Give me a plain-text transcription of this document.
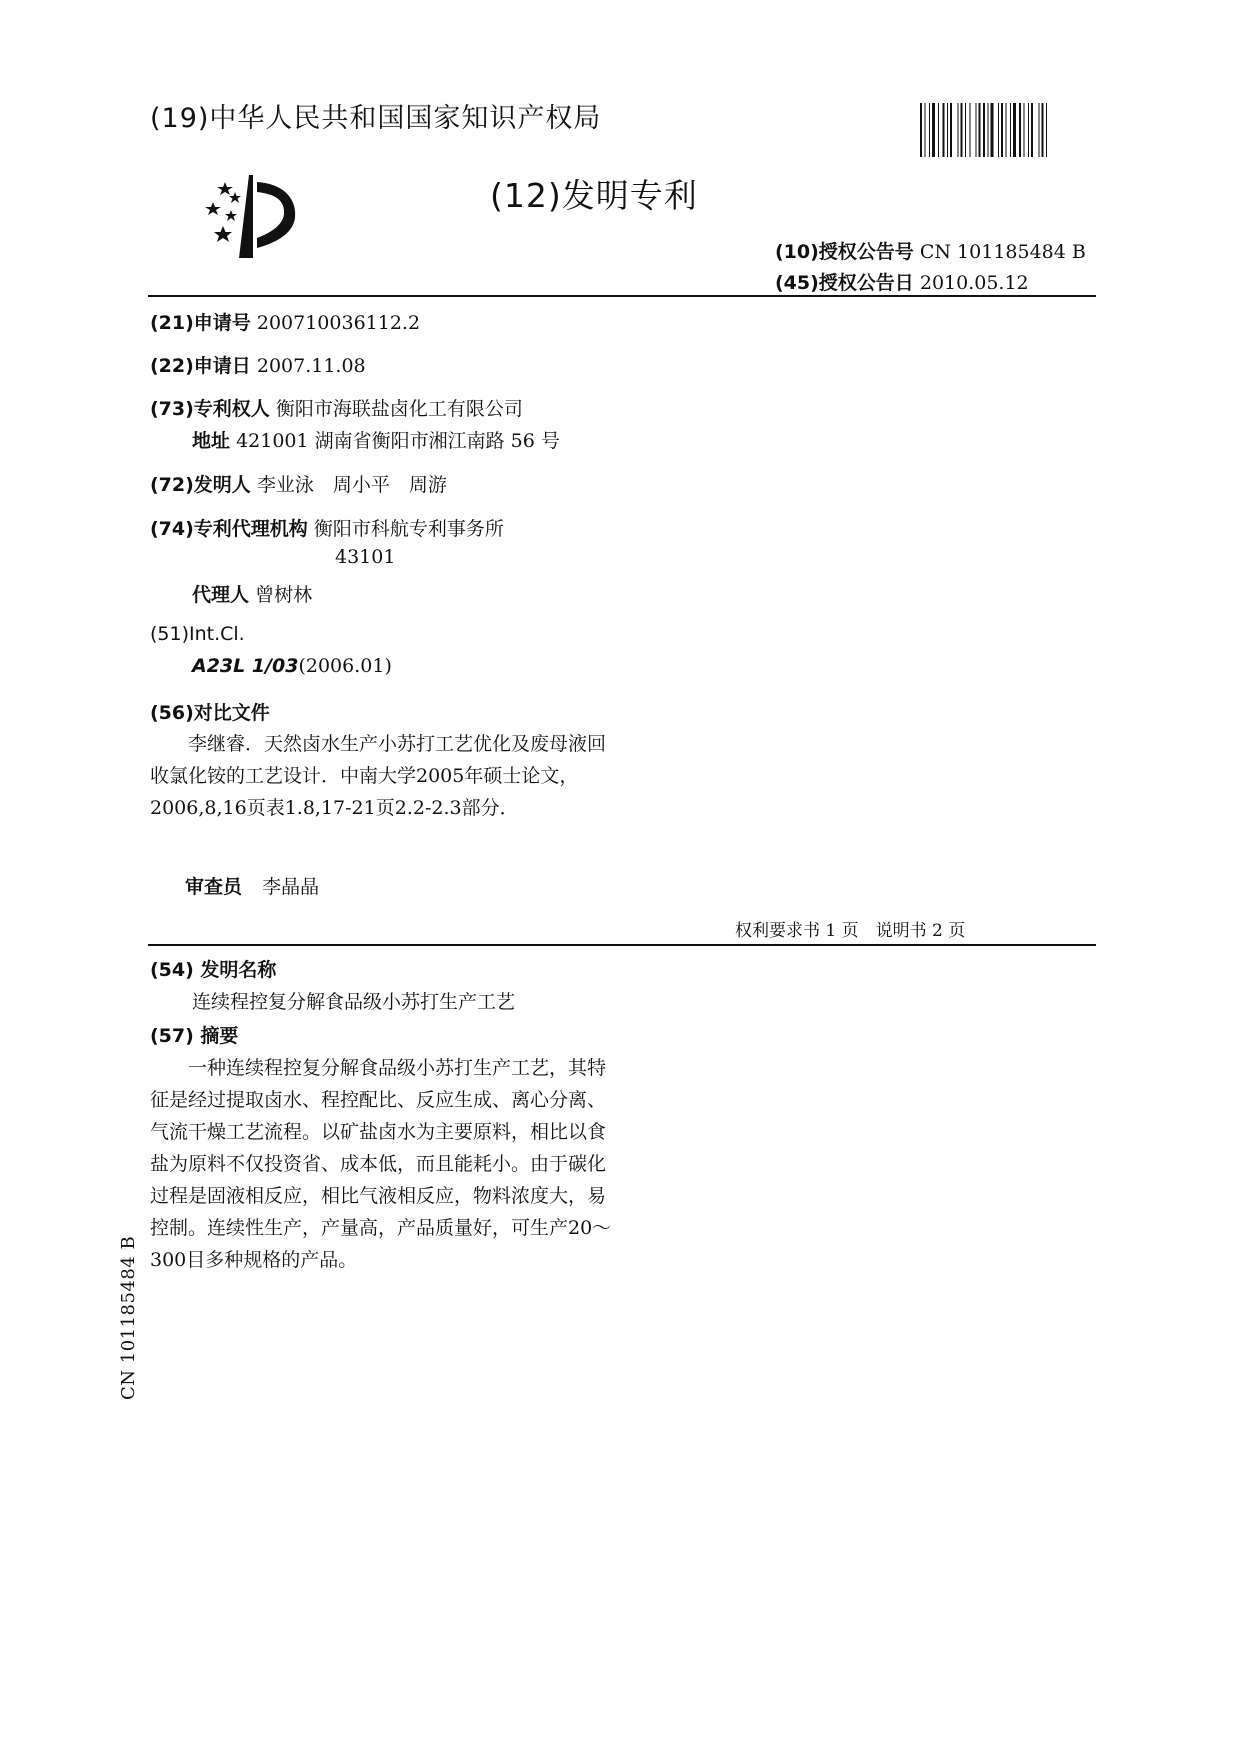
(19)中华人民共和国国家知识产权局
(12)发明专利
(10)授权公告号 CN 101185484 B
(45)授权公告日 2010.05.12
(21)申请号 200710036112.2
(22)申请日 2007.11.08
(73)专利权人 衡阳市海联盐卤化工有限公司
地址 421001 湖南省衡阳市湘江南路 56 号
(72)发明人 李业泳　周小平　周游
(74)专利代理机构 衡阳市科航专利事务所
43101
代理人 曾树林
(51)Int.Cl.
A23L 1/03(2006.01)
(56)对比文件
李继睿．天然卤水生产小苏打工艺优化及废母液回收氯化铵的工艺设计．中南大学2005年硕士论文，2006,8,16页表1.8,17-21页2.2-2.3部分．
审查员 李晶晶
权利要求书 1 页　说明书 2 页
(54) 发明名称
连续程控复分解食品级小苏打生产工艺
(57) 摘要
一种连续程控复分解食品级小苏打生产工艺，其特征是经过提取卤水、程控配比、反应生成、离心分离、气流干燥工艺流程。以矿盐卤水为主要原料，相比以食盐为原料不仅投资省、成本低，而且能耗小。由于碳化过程是固液相反应，相比气液相反应，物料浓度大，易控制。连续性生产，产量高，产品质量好，可生产20～300目多种规格的产品。
CN 101185484 B
